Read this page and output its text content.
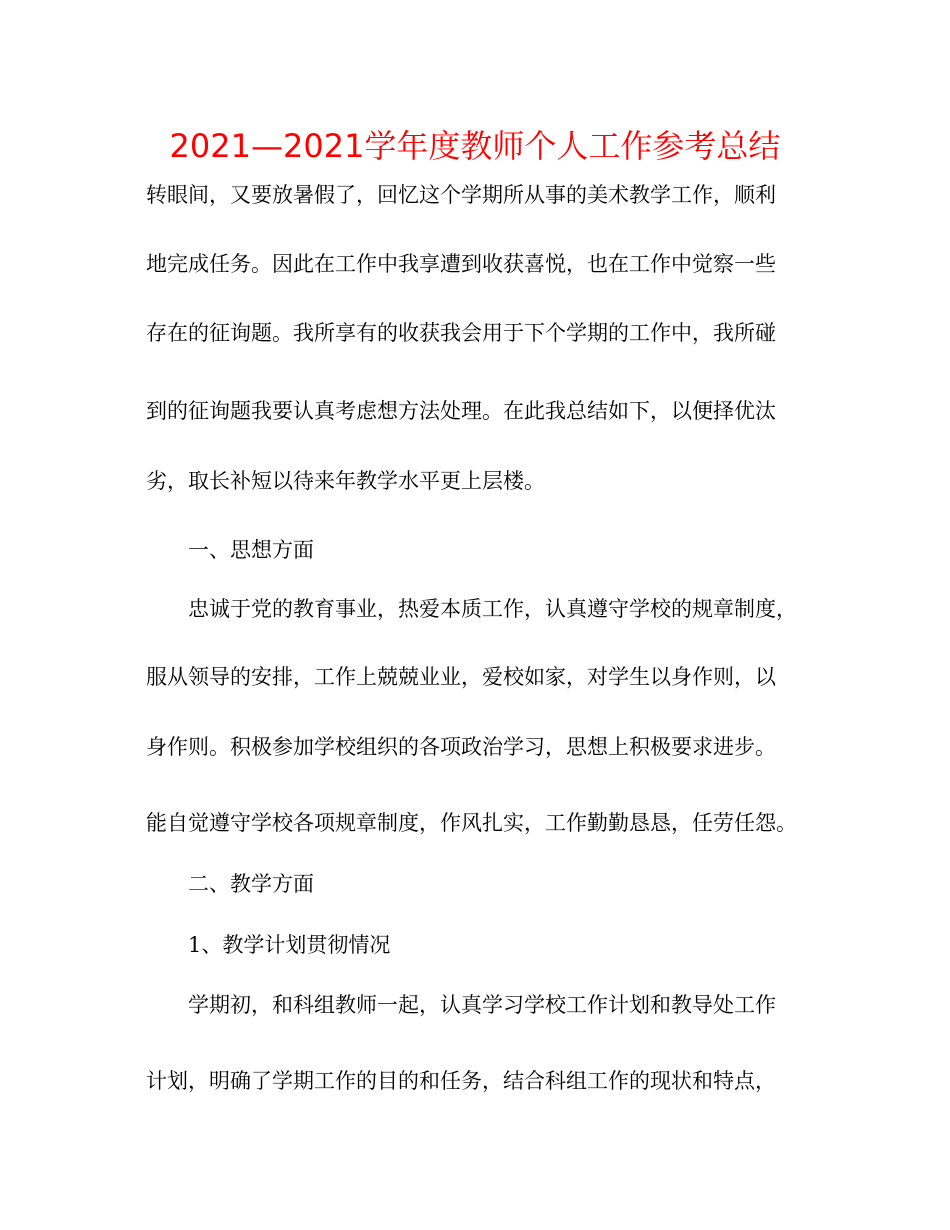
2021—2021学年度教师个人工作参考总结
转眼间，又要放暑假了，回忆这个学期所从事的美术教学工作，顺利
地完成任务。因此在工作中我享遭到收获喜悦，也在工作中觉察一些
存在的征询题。我所享有的收获我会用于下个学期的工作中，我所碰
到的征询题我要认真考虑想方法处理。在此我总结如下，以便择优汰
劣，取长补短以待来年教学水平更上层楼。
一、思想方面
忠诚于党的教育事业，热爱本质工作，认真遵守学校的规章制度，
服从领导的安排，工作上兢兢业业，爱校如家，对学生以身作则，以
身作则。积极参加学校组织的各项政治学习，思想上积极要求进步。
能自觉遵守学校各项规章制度，作风扎实，工作勤勤恳恳，任劳任怨。
二、教学方面
1、教学计划贯彻情况
学期初，和科组教师一起，认真学习学校工作计划和教导处工作
计划，明确了学期工作的目的和任务，结合科组工作的现状和特点，
